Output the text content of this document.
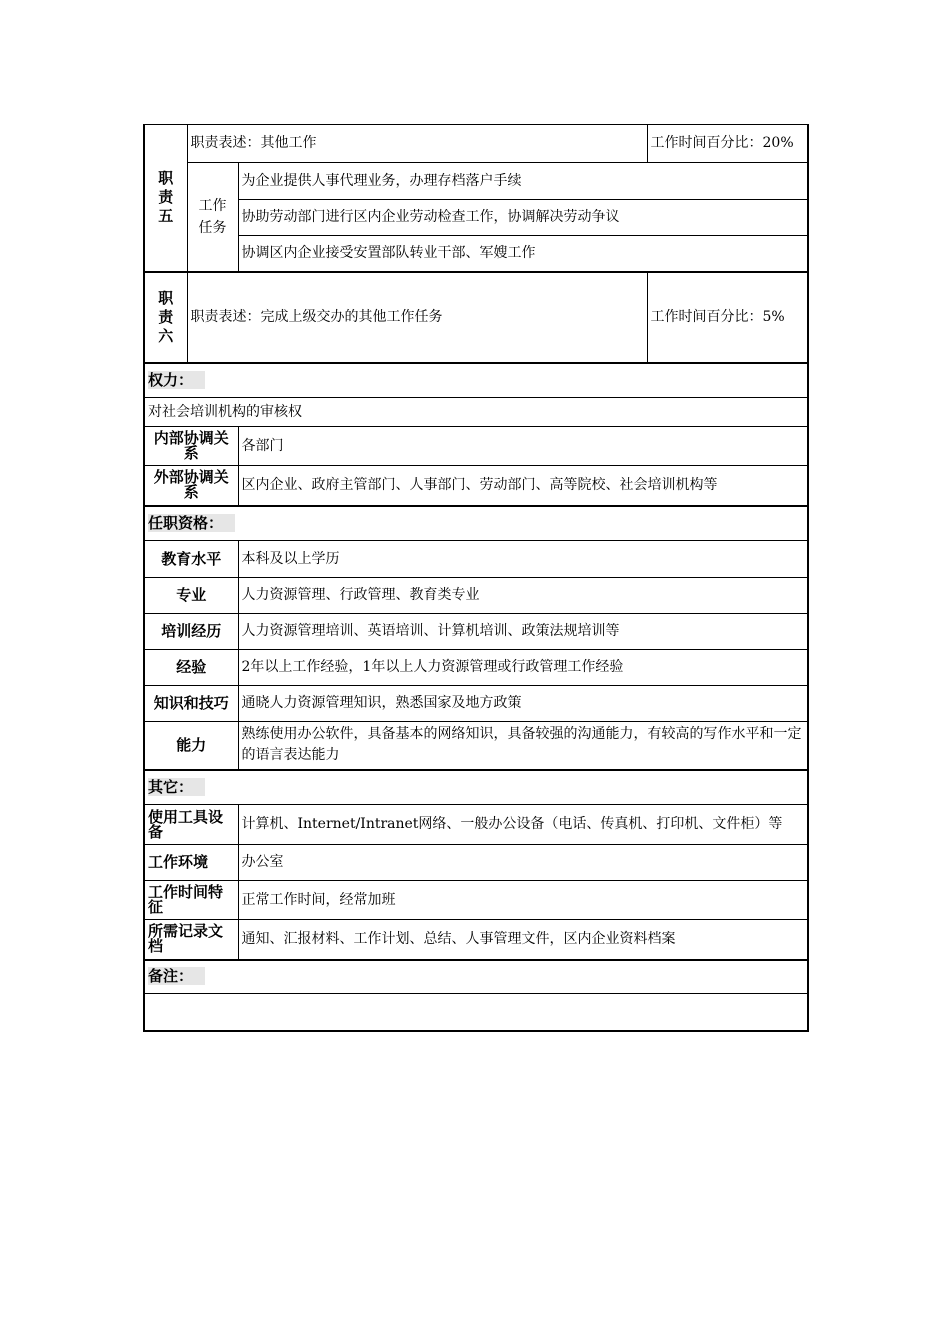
职责五	职责表述：其他工作		工作时间百分比：20%

	工作任务	为企业提供人事代理业务，办理存档落户手续	
		协助劳动部门进行区内企业劳动检查工作，协调解决劳动争议	
		协调区内企业接受安置部队转业干部、军嫂工作	

职责六	职责表述：完成上级交办的其他工作任务		工作时间百分比：5%
权力：			
对社会培训机构的审核权			
内部协调关系		各部门	
外部协调关系		区内企业、政府主管部门、人事部门、劳动部门、高等院校、社会培训机构等	
任职资格：			
教育水平		本科及以上学历	
专业		人力资源管理、行政管理、教育类专业	
培训经历		人力资源管理培训、英语培训、计算机培训、政策法规培训等	
经验		2年以上工作经验，1年以上人力资源管理或行政管理工作经验	
知识和技巧		通晓人力资源管理知识，熟悉国家及地方政策	
能力		熟练使用办公软件，具备基本的网络知识，具备较强的沟通能力，有较高的写作水平和一定的语言表达能力	
其它：			
使用工具设备		计算机、Internet/Intranet网络、一般办公设备（电话、传真机、打印机、文件柜）等	
工作环境		办公室	
工作时间特征		正常工作时间，经常加班	
所需记录文档		通知、汇报材料、工作计划、总结、人事管理文件，区内企业资料档案	
备注：			
